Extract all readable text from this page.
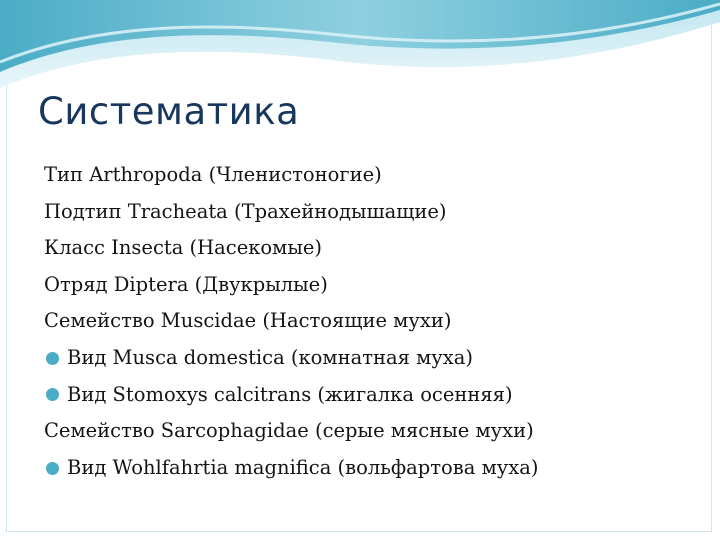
Систематика
Тип Arthropoda (Членистоногие)
Подтип Tracheata (Трахейнодышащие)
Класс Insecta (Насекомые)
Отряд Diptera (Двукрылые)
Семейство Muscidae (Настоящие мухи)
Вид Musca domestica (комнатная муха)
Вид Stomoxys calcitrans (жигалка осенняя)
Семейство Sarcophagidae (серые мясные мухи)
Вид Wohlfahrtia magnifica (вольфартова муха)
